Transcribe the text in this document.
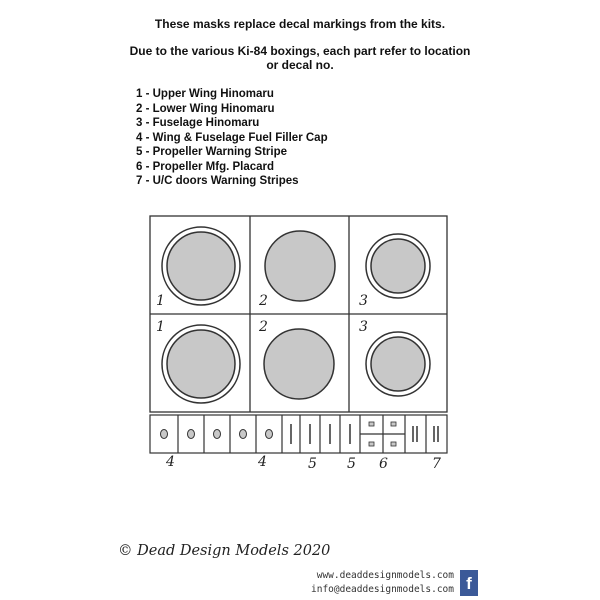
These masks replace decal markings from the kits.
Due to the various Ki-84 boxings, each part refer to location
or decal no.
1 - Upper Wing Hinomaru
2 - Lower Wing Hinomaru
3 - Fuselage Hinomaru
4 - Wing & Fuselage Fuel Filler Cap
5 - Propeller Warning Stripe
6 - Propeller Mfg. Placard
7 - U/C doors Warning Stripes
1	2	3
1	2	3
4	4	5 5 6	7
© Dead Design Models 2020
www.deaddesignmodels.com
info@deaddesignmodels.com f
